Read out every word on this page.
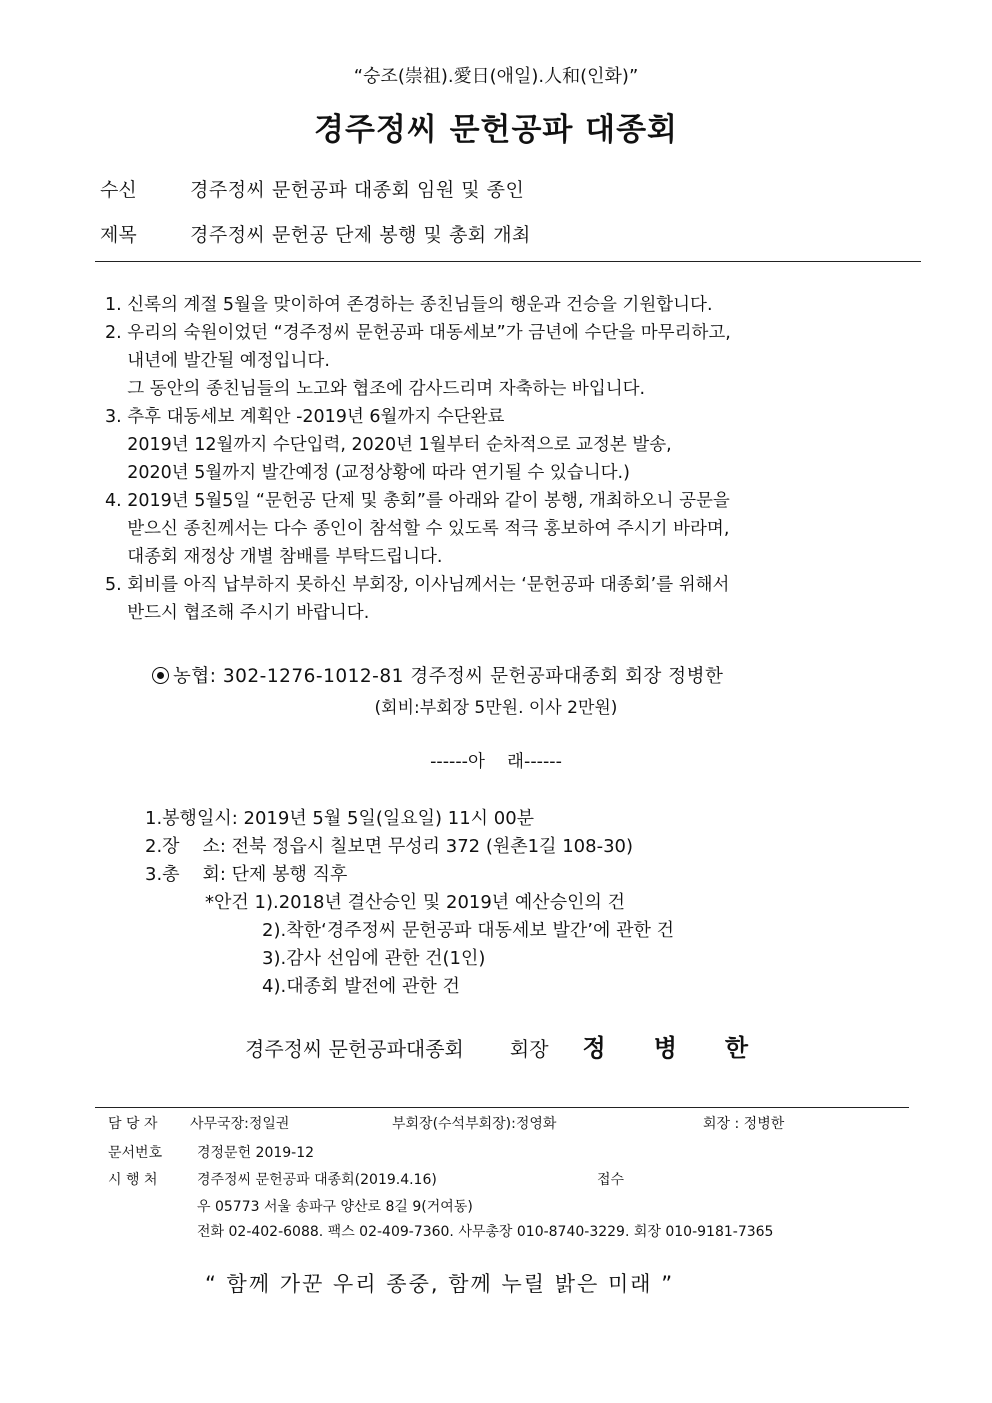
“숭조(崇祖).愛日(애일).人和(인화)”
경주정씨 문헌공파 대종회
수신	경주정씨 문헌공파 대종회 임원 및 종인
제목	경주정씨 문헌공 단제 봉행 및 총회 개최
1. 신록의 계절 5월을 맞이하여 존경하는 종친님들의 행운과 건승을 기원합니다.
2. 우리의 숙원이었던 “경주정씨 문헌공파 대동세보”가 금년에 수단을 마무리하고,
내년에 발간될 예정입니다.
그 동안의 종친님들의 노고와 협조에 감사드리며 자축하는 바입니다.
3. 추후 대동세보 계획안 -2019년 6월까지 수단완료
2019년 12월까지 수단입력, 2020년 1월부터 순차적으로 교정본 발송,
2020년 5월까지 발간예정 (교정상황에 따라 연기될 수 있습니다.)
4. 2019년 5월5일 “문헌공 단제 및 총회”를 아래와 같이 봉행, 개최하오니 공문을
받으신 종친께서는 다수 종인이 참석할 수 있도록 적극 홍보하여 주시기 바라며,
대종회 재정상 개별 참배를 부탁드립니다.
5. 회비를 아직 납부하지 못하신 부회장, 이사님께서는 ‘문헌공파 대종회’를 위해서
반드시 협조해 주시기 바랍니다.
농협: 302-1276-1012-81 경주정씨 문헌공파대종회 회장 정병한
(회비:부회장 5만원. 이사 2만원)
------아    래------
1.봉행일시: 2019년 5월 5일(일요일) 11시 00분
2.장    소: 전북 정읍시 칠보면 무성리 372 (원촌1길 108-30)
3.총    회: 단제 봉행 직후
*안건 1).2018년 결산승인 및 2019년 예산승인의 건
2).착한‘경주정씨 문헌공파 대동세보 발간’에 관한 건
3).감사 선임에 관한 건(1인)
4).대종회 발전에 관한 건
경주정씨 문헌공파대종회 회장 정병한
담 당 자 사무국장:정일권	부회장(수석부회장):정영화	회장 : 정병한
문서번호 경정문헌 2019-12
시 행 처	경주정씨 문헌공파 대종회(2019.4.16)	접수
우 05773 서울 송파구 양산로 8길 9(거여동)
전화 02-402-6088. 팩스 02-409-7360. 사무총장 010-8740-3229. 회장 010-9181-7365
“ 함께 가꾼 우리 종중, 함께 누릴 밝은 미래 ”
